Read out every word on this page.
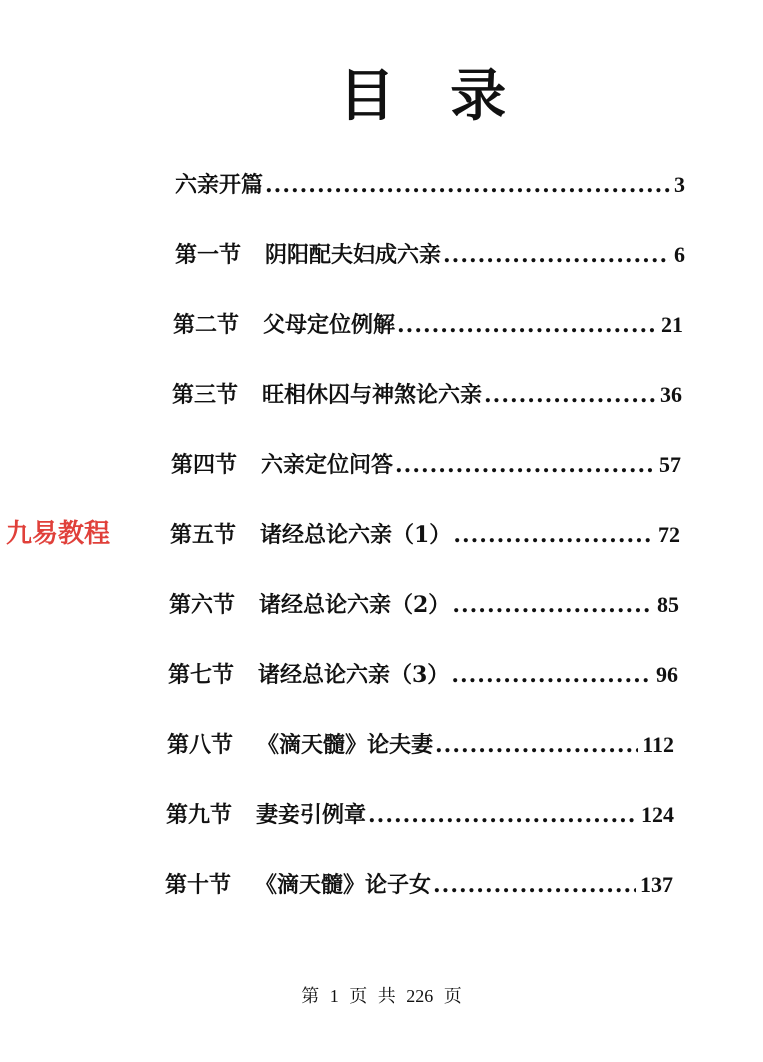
目 录
九易教程
六亲开篇 .....	3
第一节	阴阳配夫妇成六亲 .....	6
第二节	父母定位例解 .....	21
第三节	旺相休囚与神煞论六亲 .....	36
第四节	六亲定位问答 .....	57
第五节	诸经总论六亲（1） .....	72
第六节	诸经总论六亲（2） .....	85
第七节	诸经总论六亲（3） .....	96
第八节	《滴天髓》论夫妻 .....	112
第九节	妻妾引例章 .....	124
第十节	《滴天髓》论子女 .....	137
第 1 页 共 226 页
